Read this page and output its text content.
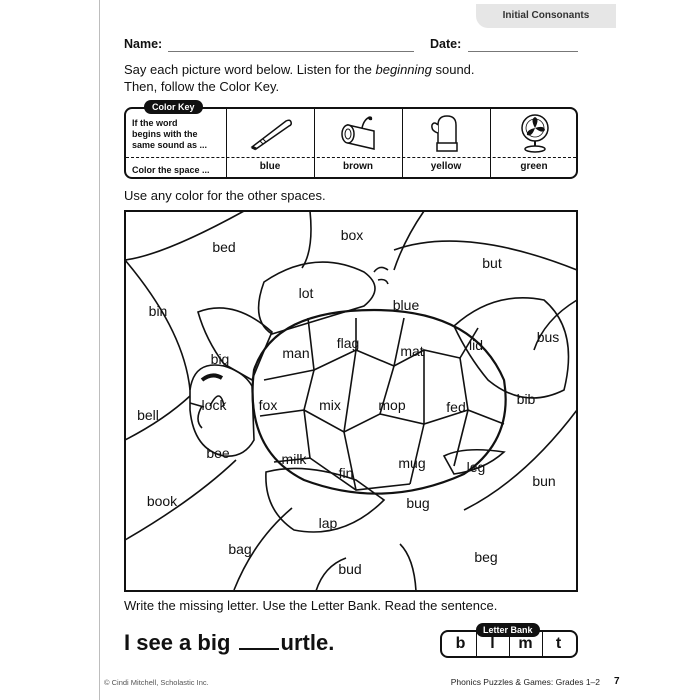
Initial Consonants
Name:	Date:
Say each picture word below. Listen for the beginning sound.
Then, follow the Color Key.
Color Key
If the word
begins with the
same sound as ...
Color the space ...	blue	brown	yellow	green
Use any color for the other spaces.
bed
box
but
bin
lot
blue
big	man
flag	mat	lid	bus
bell
lock fox	mix	mop	fed	bib
bee	milk
fin
mug	leg
bun
book
lap
bug
bag
bud
beg
Write the missing letter. Use the Letter Bank. Read the sentence.
I see a big urtle.	Letter Bank
b	l	m	t
© Cindi Mitchell, Scholastic Inc.	Phonics Puzzles & Games: Grades 1–2 7
